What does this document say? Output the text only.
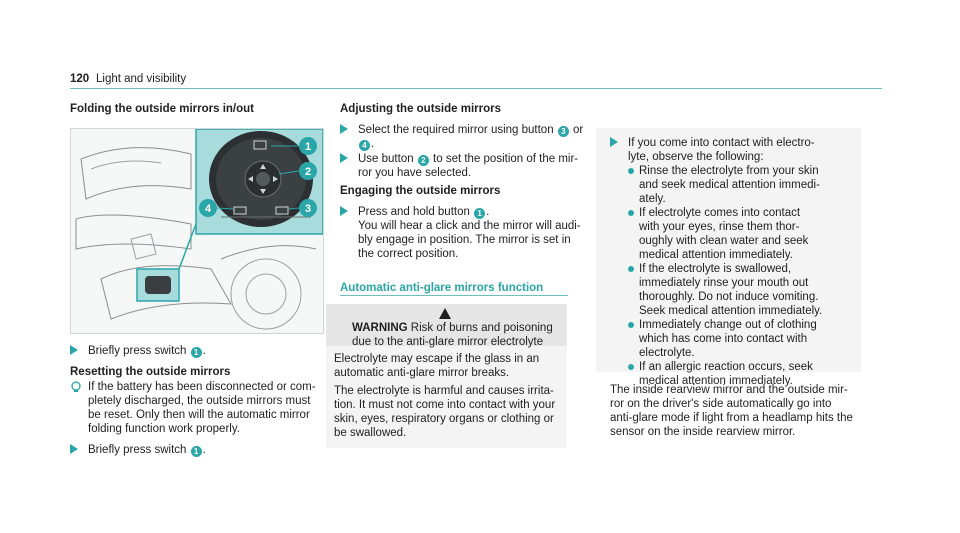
120 Light and visibility
Folding the outside mirrors in/out
1
2
3
4
Briefly press switch 1 .
Resetting the outside mirrors
If the battery has been disconnected or com-
pletely discharged, the outside mirrors must
be reset. Only then will the automatic mirror
folding function work properly.
Briefly press switch 1 .
Adjusting the outside mirrors
Select the required mirror using button 3 or
4 .
Use button 2 to set the position of the mir-
ror you have selected.
Engaging the outside mirrors
Press and hold button 1 .
You will hear a click and the mirror will audi-
bly engage in position. The mirror is set in
the correct position.
Automatic anti-glare mirrors function
WARNING Risk of burns and poisoning
due to the anti-glare mirror electrolyte
Electrolyte may escape if the glass in an
automatic anti-glare mirror breaks.
The electrolyte is harmful and causes irrita-
tion. It must not come into contact with your
skin, eyes, respiratory organs or clothing or
be swallowed.
If you come into contact with electro-
lyte, observe the following:
Rinse the electrolyte from your skin
and seek medical attention immedi-
ately.
If electrolyte comes into contact
with your eyes, rinse them thor-
oughly with clean water and seek
medical attention immediately.
If the electrolyte is swallowed,
immediately rinse your mouth out
thoroughly. Do not induce vomiting.
Seek medical attention immediately.
Immediately change out of clothing
which has come into contact with
electrolyte.
If an allergic reaction occurs, seek
medical attention immediately.
The inside rearview mirror and the outside mir-
ror on the driver's side automatically go into
anti-glare mode if light from a headlamp hits the
sensor on the inside rearview mirror.
